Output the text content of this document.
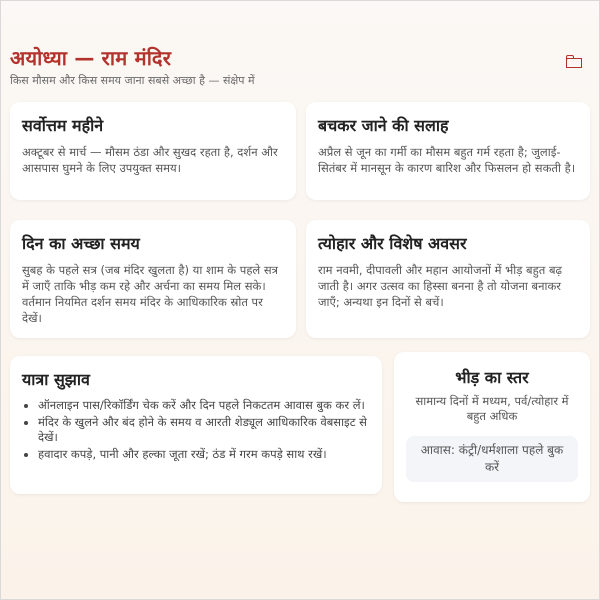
अयोध्या — राम मंदिर
किस मौसम और किस समय जाना सबसे अच्छा है — संक्षेप में
सर्वोत्तम महीने

अक्टूबर से मार्च — मौसम ठंडा और सुखद रहता है, दर्शन और आसपास घुमने के लिए उपयुक्त समय।

बचकर जाने की सलाह

अप्रैल से जून का गर्मी का मौसम बहुत गर्म रहता है; जुलाई-सितंबर में मानसून के कारण बारिश और फिसलन हो सकती है।

दिन का अच्छा समय

सुबह के पहले सत्र (जब मंदिर खुलता है) या शाम के पहले सत्र में जाएँ ताकि भीड़ कम रहे और अर्चना का समय मिल सके। वर्तमान नियमित दर्शन समय मंदिर के आधिकारिक स्रोत पर देखें।

त्योहार और विशेष अवसर

राम नवमी, दीपावली और महान आयोजनों में भीड़ बहुत बढ़ जाती है। अगर उत्सव का हिस्सा बनना है तो योजना बनाकर जाएँ; अन्यथा इन दिनों से बचें।

यात्रा सुझाव
• ऑनलाइन पास/रिकॉर्डिंग चेक करें और दिन पहले निकटतम आवास बुक कर लें।
• मंदिर के खुलने और बंद होने के समय व आरती शेड्यूल आधिकारिक वेबसाइट से देखें।
• हवादार कपड़े, पानी और हल्का जूता रखें; ठंड में गरम कपड़े साथ रखें।
भीड़ का स्तर
सामान्य दिनों में मध्यम, पर्व/त्योहार में बहुत अधिक
आवास: कंट्री/धर्मशाला पहले बुक करें
